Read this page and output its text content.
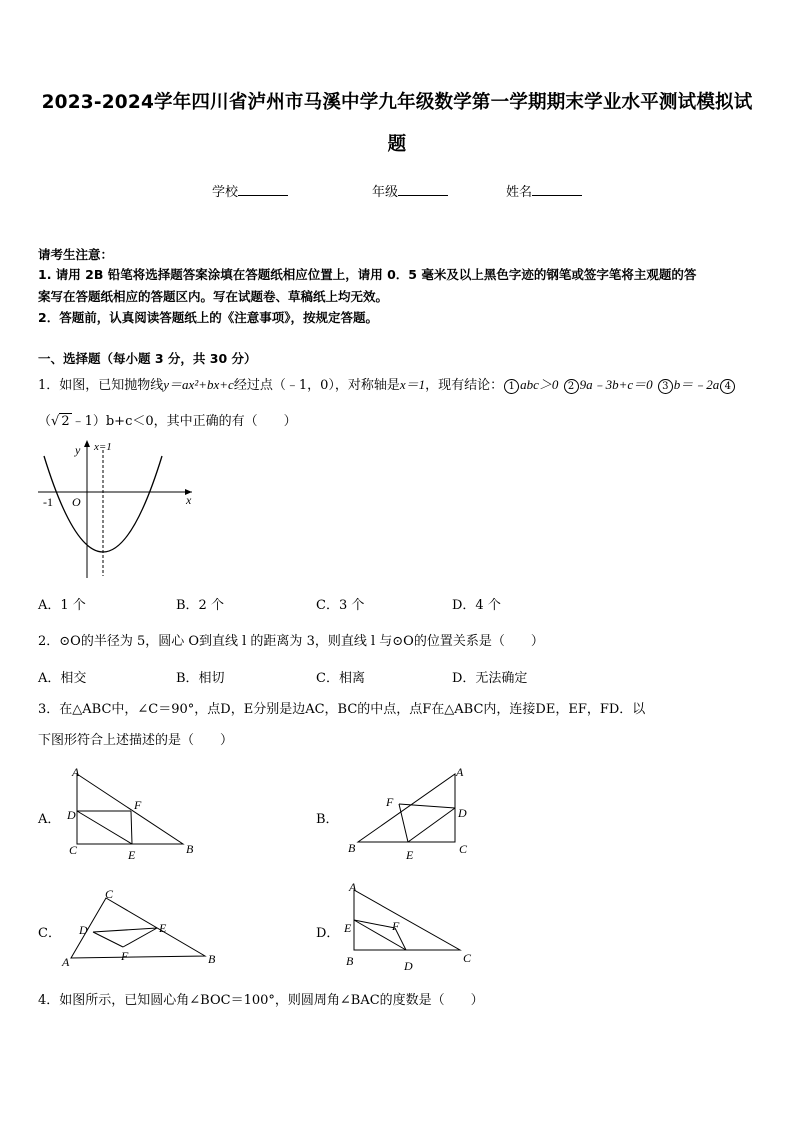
2023-2024学年四川省泸州市马溪中学九年级数学第一学期期末学业水平测试模拟试
题
学校	年级	姓名
请考生注意：
1. 请用 2B 铅笔将选择题答案涂填在答题纸相应位置上，请用 0．5 毫米及以上黑色字迹的钢笔或签字笔将主观题的答
案写在答题纸相应的答题区内。写在试题卷、草稿纸上均无效。
2．答题前，认真阅读答题纸上的《注意事项》，按规定答题。
一、选择题（每小题 3 分，共 30 分）
1．如图，已知抛物线y＝ax²+bx+c经过点（﹣1，0），对称轴是x＝1，现有结论： 1 abc＞0 2 9a﹣3b+c＝0 3 b＝﹣2a 4
（√ 2 ﹣1）b+c＜0，其中正确的有（　　）
y x=1
x
O
-1
A．1 个	B．2 个	C．3 个	D．4 个
2．⊙O的半径为 5，圆心 O到直线 l 的距离为 3，则直线 l 与⊙O的位置关系是（　　）
A．相交	B．相切	C．相离	D．无法确定
3．在△ABC中，∠C＝90°，点D，E分别是边AC，BC的中点，点F在△ABC内，连接DE，EF，FD．以
下图形符合上述描述的是（　　）
A．
A
D
F
C	E	B
B．
A
F
D
B	E	C
C．
C
D	E
A	F	B
D．
A
E	F
B	D
C
4．如图所示，已知圆心角∠BOC＝100°，则圆周角∠BAC的度数是（　　）
